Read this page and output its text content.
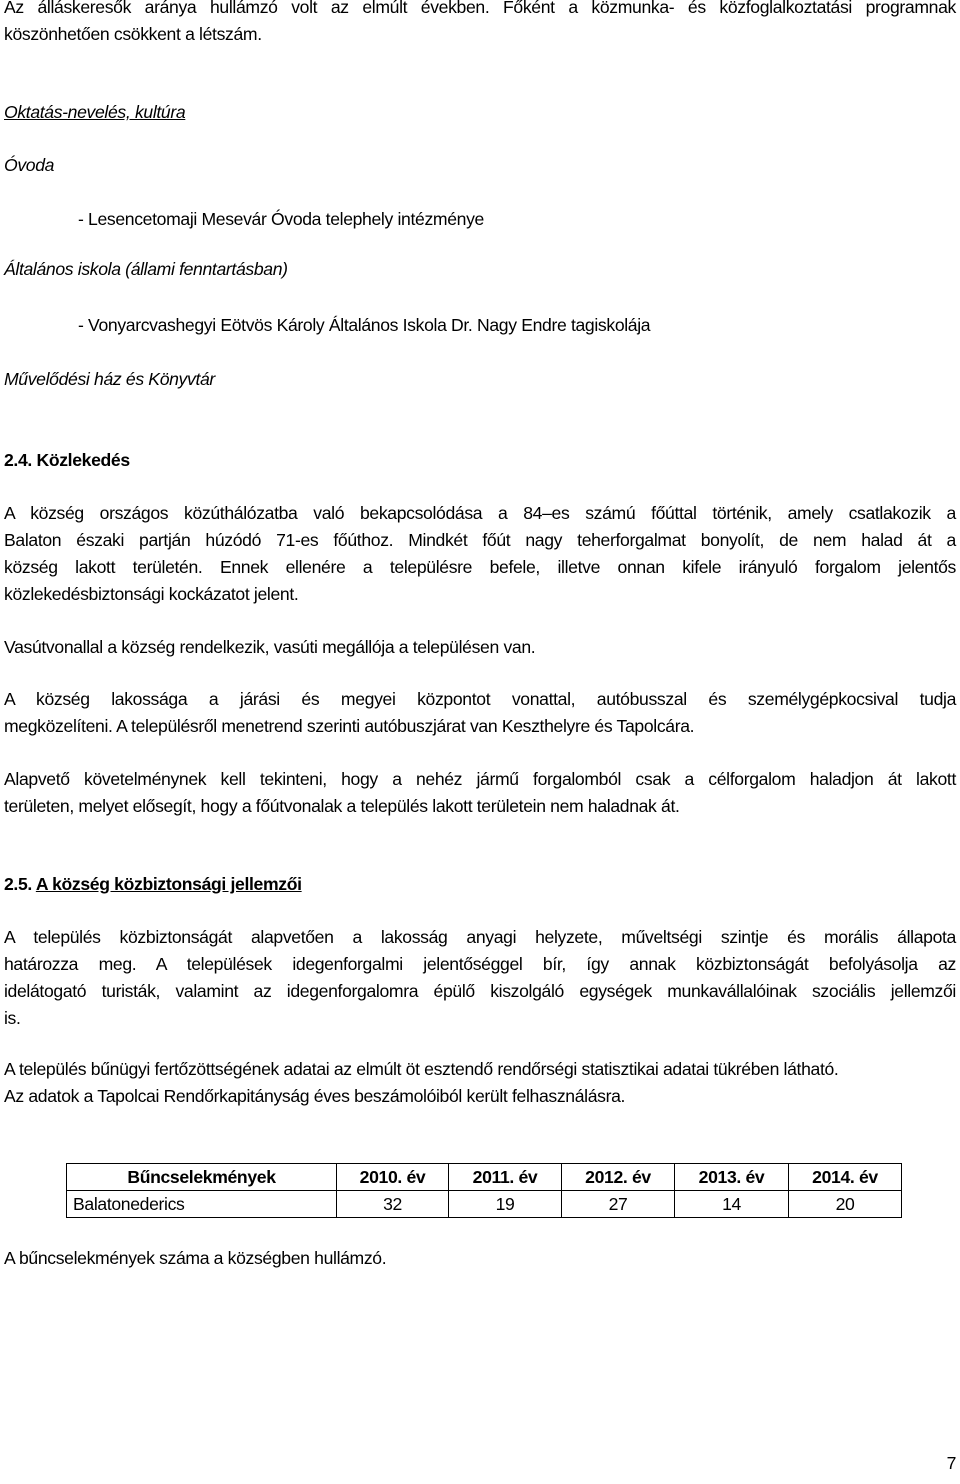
Az álláskeresők aránya hullámzó volt az elmúlt években. Főként a közmunka- és közfoglalkoztatási programnak

köszönhetően csökkent a létszám.

Oktatás-nevelés, kultúra

Óvoda

- Lesencetomaji Mesevár Óvoda telephely intézménye

Általános iskola (állami fenntartásban)

- Vonyarcvashegyi Eötvös Károly Általános Iskola Dr. Nagy Endre tagiskolája

Művelődési ház és Könyvtár

2.4. Közlekedés

A község országos közúthálózatba való bekapcsolódása a 84–es számú főúttal történik, amely csatlakozik a

Balaton északi partján húzódó 71-es főúthoz. Mindkét főút nagy teherforgalmat bonyolít, de nem halad át a

község lakott területén. Ennek ellenére a településre befele, illetve onnan kifele irányuló forgalom jelentős

közlekedésbiztonsági kockázatot jelent.

Vasútvonallal a község rendelkezik, vasúti megállója a településen van.

A község lakossága a járási és megyei központot vonattal, autóbusszal és személygépkocsival tudja

megközelíteni. A településről menetrend szerinti autóbuszjárat van Keszthelyre és Tapolcára.

Alapvető követelménynek kell tekinteni, hogy a nehéz jármű forgalomból csak a célforgalom haladjon át lakott

területen, melyet elősegít, hogy a főútvonalak a település lakott területein nem haladnak át.

2.5. A község közbiztonsági jellemzői

A település közbiztonságát alapvetően a lakosság anyagi helyzete, műveltségi szintje és morális állapota

határozza meg. A települések idegenforgalmi jelentőséggel bír, így annak közbiztonságát befolyásolja az

idelátogató turisták, valamint az idegenforgalomra épülő kiszolgáló egységek munkavállalóinak szociális jellemzői

is.

A település bűnügyi fertőzöttségének adatai az elmúlt öt esztendő rendőrségi statisztikai adatai tükrében látható.

Az adatok a Tapolcai Rendőrkapitányság éves beszámolóiból került felhasználásra.

Bűncselekmények	2010. év	2011. év	2012. év	2013. év	2014. év
Balatonederics	32	19	27	14	20

A bűncselekmények száma a községben hullámzó.

7
